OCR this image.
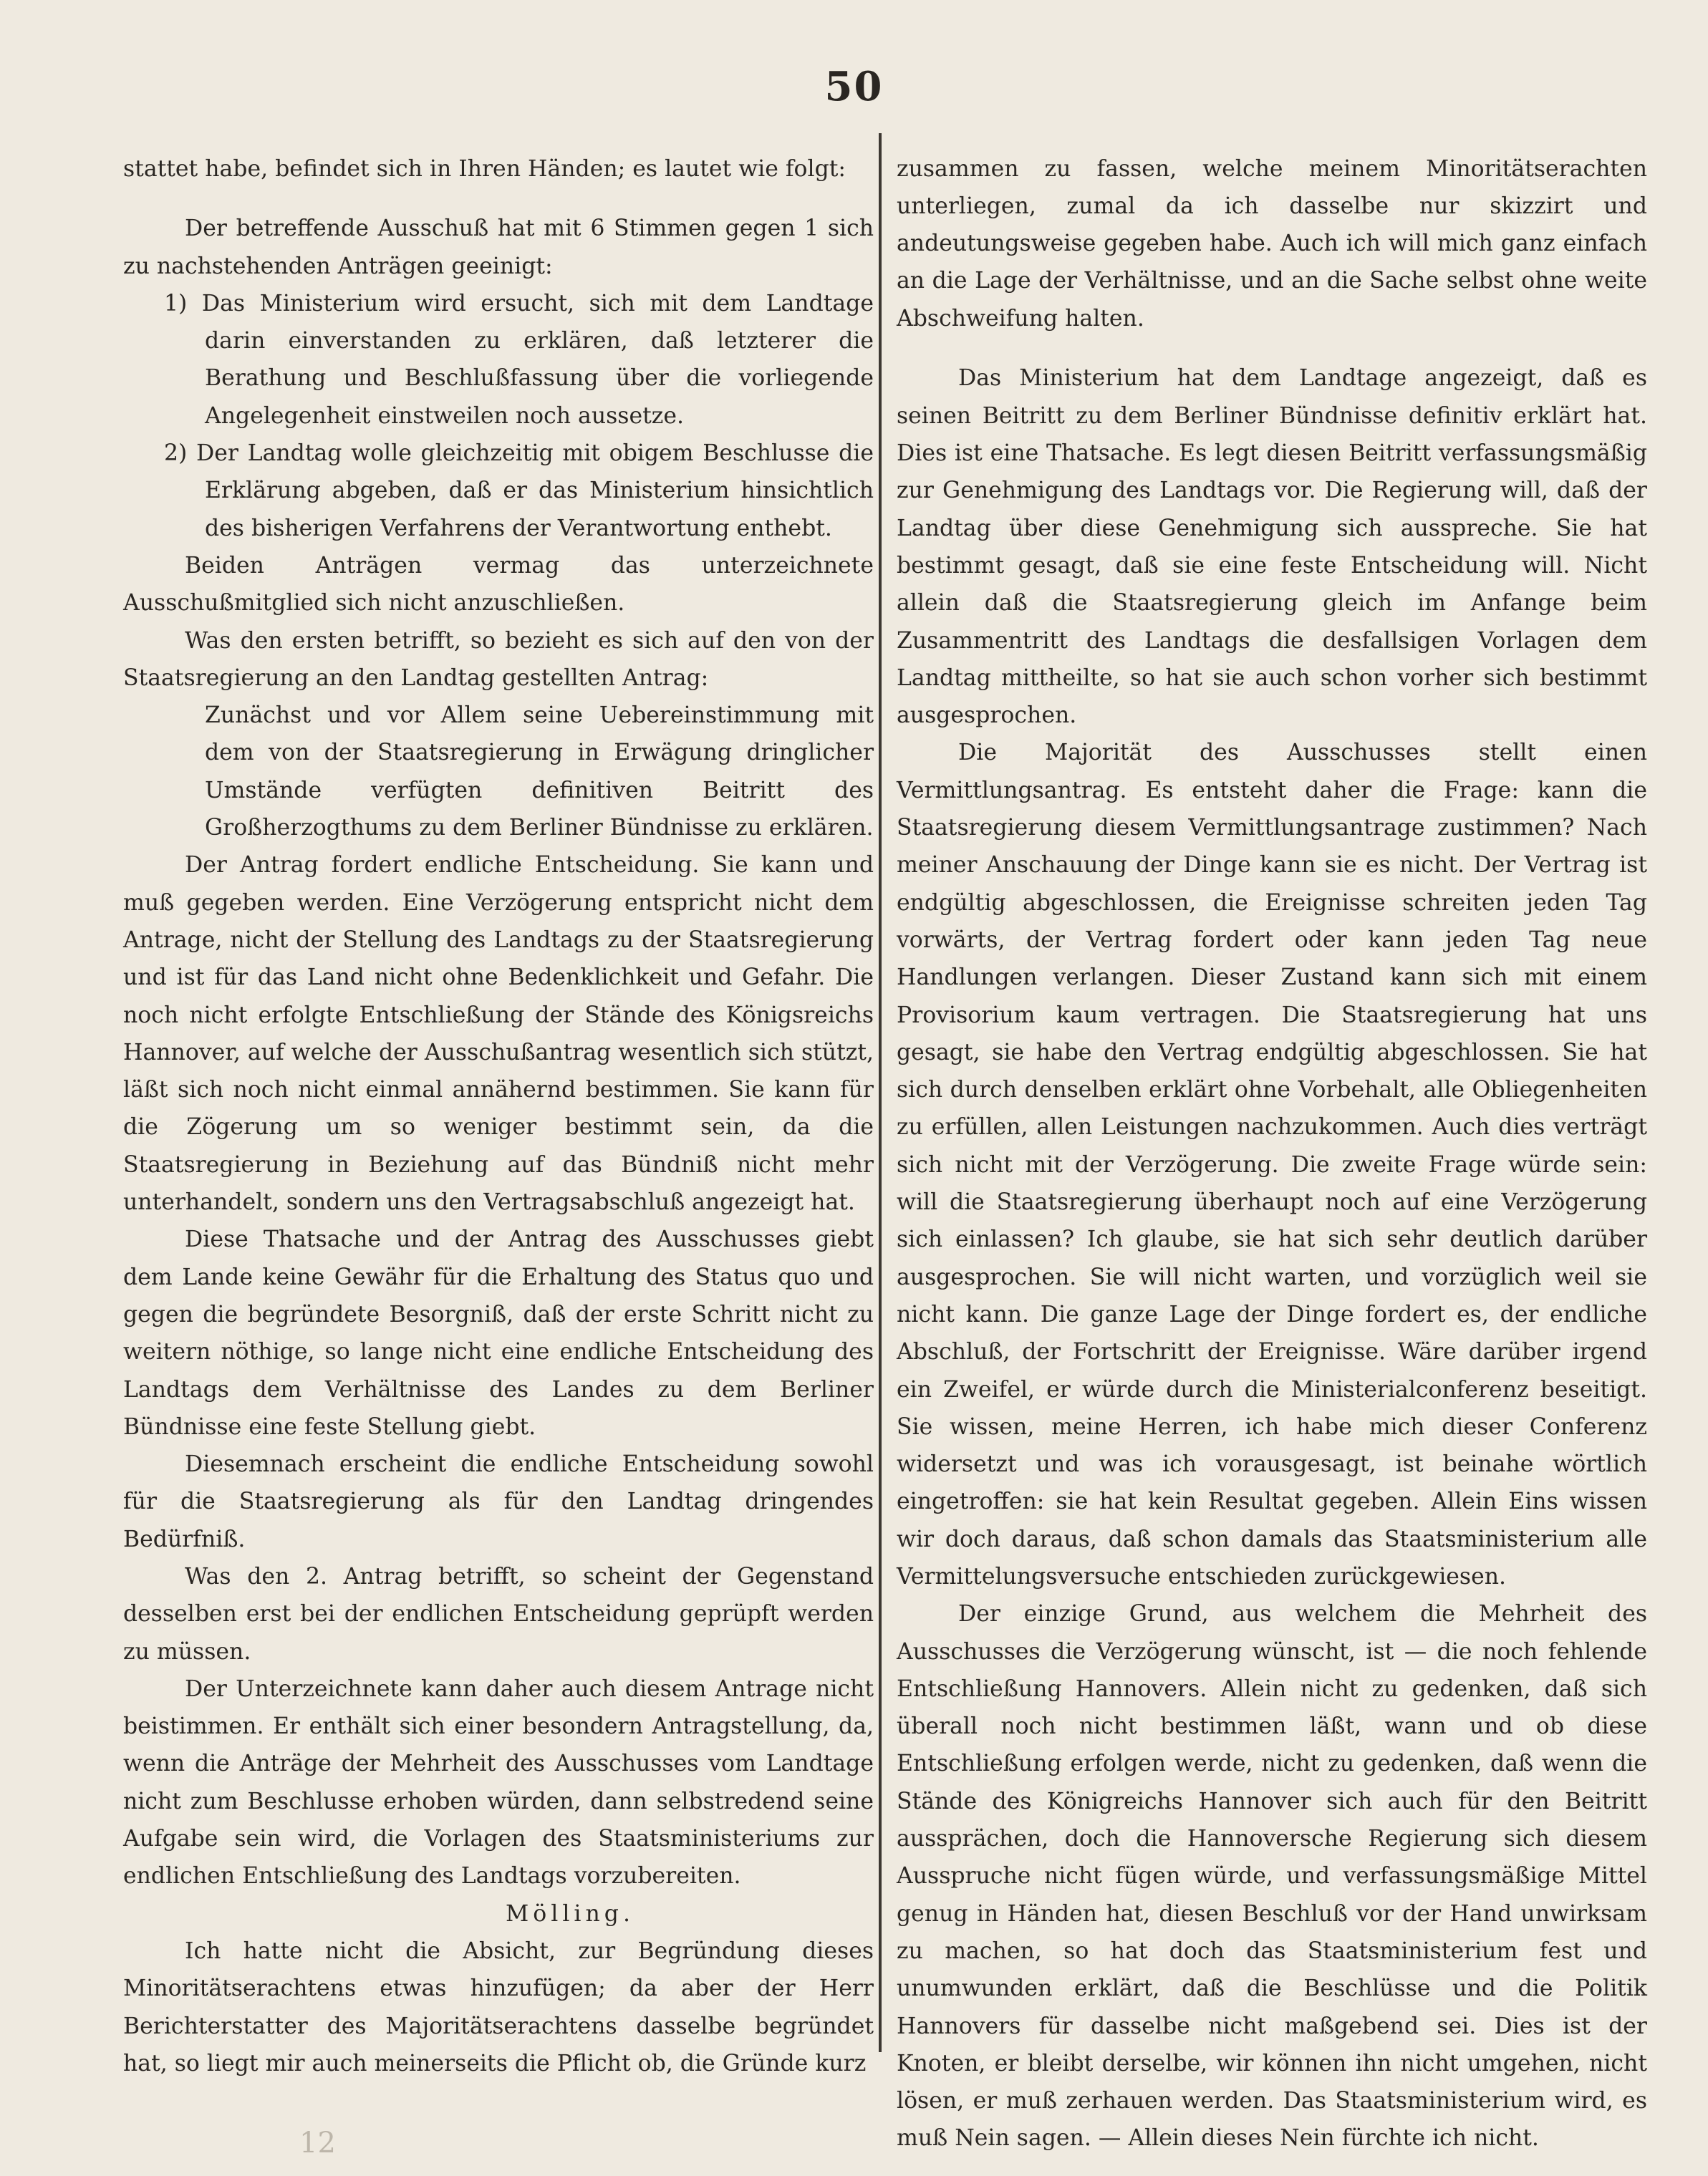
50

stattet habe, befindet sich in Ihren Händen; es lautet wie folgt:

Der betreffende Ausschuß hat mit 6 Stimmen gegen 1 sich zu nachstehenden Anträgen geeinigt:

1) Das Ministerium wird ersucht, sich mit dem Landtage darin einverstanden zu erklären, daß letzterer die Berathung und Beschlußfassung über die vorliegende Angelegenheit einstweilen noch aussetze.

2) Der Landtag wolle gleichzeitig mit obigem Beschlusse die Erklärung abgeben, daß er das Ministerium hinsichtlich des bisherigen Verfahrens der Verantwortung enthebt.

Beiden Anträgen vermag das unterzeichnete Ausschußmitglied sich nicht anzuschließen.

Was den ersten betrifft, so bezieht es sich auf den von der Staatsregierung an den Landtag gestellten Antrag:

Zunächst und vor Allem seine Uebereinstimmung mit dem von der Staatsregierung in Erwägung dringlicher Umstände verfügten definitiven Beitritt des Großherzogthums zu dem Berliner Bündnisse zu erklären.

Der Antrag fordert endliche Entscheidung. Sie kann und muß gegeben werden. Eine Verzögerung entspricht nicht dem Antrage, nicht der Stellung des Landtags zu der Staatsregierung und ist für das Land nicht ohne Bedenklichkeit und Gefahr. Die noch nicht erfolgte Entschließung der Stände des Königsreichs Hannover, auf welche der Ausschußantrag wesentlich sich stützt, läßt sich noch nicht einmal annähernd bestimmen. Sie kann für die Zögerung um so weniger bestimmt sein, da die Staatsregierung in Beziehung auf das Bündniß nicht mehr unterhandelt, sondern uns den Vertragsabschluß angezeigt hat.

Diese Thatsache und der Antrag des Ausschusses giebt dem Lande keine Gewähr für die Erhaltung des Status quo und gegen die begründete Besorgniß, daß der erste Schritt nicht zu weitern nöthige, so lange nicht eine endliche Entscheidung des Landtags dem Verhältnisse des Landes zu dem Berliner Bündnisse eine feste Stellung giebt.

Diesemnach erscheint die endliche Entscheidung sowohl für die Staatsregierung als für den Landtag dringendes Bedürfniß.

Was den 2. Antrag betrifft, so scheint der Gegenstand desselben erst bei der endlichen Entscheidung geprüpft werden zu müssen.

Der Unterzeichnete kann daher auch diesem Antrage nicht beistimmen. Er enthält sich einer besondern Antragstellung, da, wenn die Anträge der Mehrheit des Ausschusses vom Landtage nicht zum Beschlusse erhoben würden, dann selbstredend seine Aufgabe sein wird, die Vorlagen des Staatsministeriums zur endlichen Entschließung des Landtags vorzubereiten.

Mölling.

Ich hatte nicht die Absicht, zur Begründung dieses Minoritätserachtens etwas hinzufügen; da aber der Herr Berichterstatter des Majoritätserachtens dasselbe begründet hat, so liegt mir auch meinerseits die Pflicht ob, die Gründe kurz

zusammen zu fassen, welche meinem Minoritätserachten unterliegen, zumal da ich dasselbe nur skizzirt und andeutungsweise gegeben habe. Auch ich will mich ganz einfach an die Lage der Verhältnisse, und an die Sache selbst ohne weite Abschweifung halten.

Das Ministerium hat dem Landtage angezeigt, daß es seinen Beitritt zu dem Berliner Bündnisse definitiv erklärt hat. Dies ist eine Thatsache. Es legt diesen Beitritt verfassungsmäßig zur Genehmigung des Landtags vor. Die Regierung will, daß der Landtag über diese Genehmigung sich ausspreche. Sie hat bestimmt gesagt, daß sie eine feste Entscheidung will. Nicht allein daß die Staatsregierung gleich im Anfange beim Zusammentritt des Landtags die desfallsigen Vorlagen dem Landtag mittheilte, so hat sie auch schon vorher sich bestimmt ausgesprochen.

Die Majorität des Ausschusses stellt einen Vermittlungsantrag. Es entsteht daher die Frage: kann die Staatsregierung diesem Vermittlungsantrage zustimmen? Nach meiner Anschauung der Dinge kann sie es nicht. Der Vertrag ist endgültig abgeschlossen, die Ereignisse schreiten jeden Tag vorwärts, der Vertrag fordert oder kann jeden Tag neue Handlungen verlangen. Dieser Zustand kann sich mit einem Provisorium kaum vertragen. Die Staatsregierung hat uns gesagt, sie habe den Vertrag endgültig abgeschlossen. Sie hat sich durch denselben erklärt ohne Vorbehalt, alle Obliegenheiten zu erfüllen, allen Leistungen nachzukommen. Auch dies verträgt sich nicht mit der Verzögerung. Die zweite Frage würde sein: will die Staatsregierung überhaupt noch auf eine Verzögerung sich einlassen? Ich glaube, sie hat sich sehr deutlich darüber ausgesprochen. Sie will nicht warten, und vorzüglich weil sie nicht kann. Die ganze Lage der Dinge fordert es, der endliche Abschluß, der Fortschritt der Ereignisse. Wäre darüber irgend ein Zweifel, er würde durch die Ministerialconferenz beseitigt. Sie wissen, meine Herren, ich habe mich dieser Conferenz widersetzt und was ich vorausgesagt, ist beinahe wörtlich eingetroffen: sie hat kein Resultat gegeben. Allein Eins wissen wir doch daraus, daß schon damals das Staatsministerium alle Vermittelungsversuche entschieden zurückgewiesen.

Der einzige Grund, aus welchem die Mehrheit des Ausschusses die Verzögerung wünscht, ist — die noch fehlende Entschließung Hannovers. Allein nicht zu gedenken, daß sich überall noch nicht bestimmen läßt, wann und ob diese Entschließung erfolgen werde, nicht zu gedenken, daß wenn die Stände des Königreichs Hannover sich auch für den Beitritt aussprächen, doch die Hannoversche Regierung sich diesem Ausspruche nicht fügen würde, und verfassungsmäßige Mittel genug in Händen hat, diesen Beschluß vor der Hand unwirksam zu machen, so hat doch das Staatsministerium fest und unumwunden erklärt, daß die Beschlüsse und die Politik Hannovers für dasselbe nicht maßgebend sei. Dies ist der Knoten, er bleibt derselbe, wir können ihn nicht umgehen, nicht lösen, er muß zerhauen werden. Das Staatsministerium wird, es muß Nein sagen. — Allein dieses Nein fürchte ich nicht.

12
